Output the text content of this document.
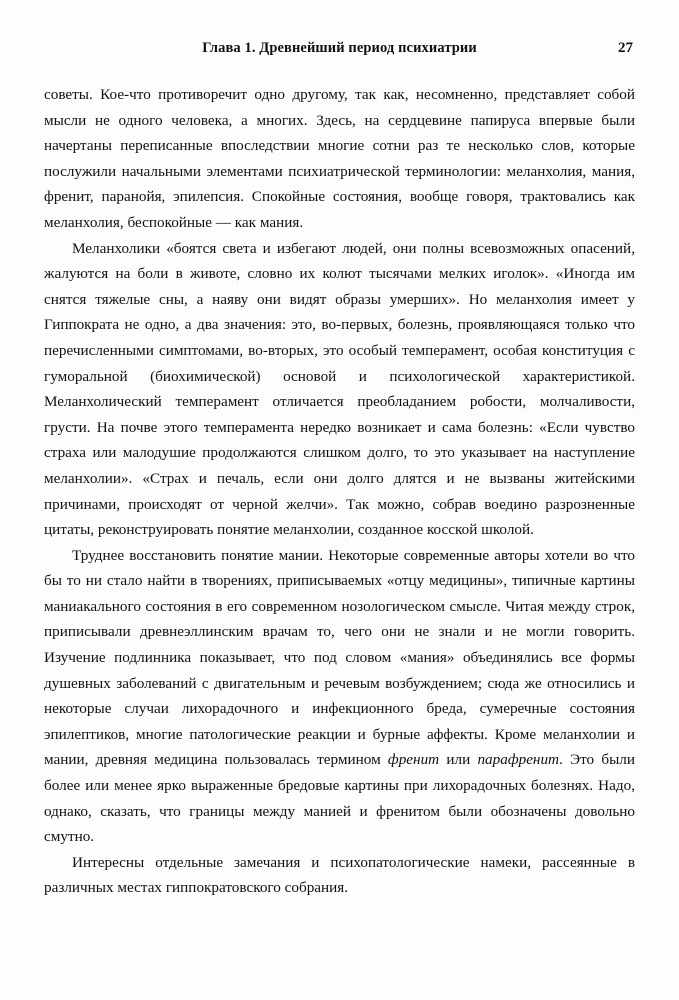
Глава 1. Древнейший период психиатрии	27

советы. Кое-что противоречит одно другому, так как, несомненно, представляет собой мысли не одного человека, а многих. Здесь, на сердцевине папируса впервые были начертаны переписанные впоследствии многие сотни раз те несколько слов, которые послужили начальными элементами психиатрической терминологии: меланхолия, мания, френит, паранойя, эпилепсия. Спокойные состояния, вообще говоря, трактовались как меланхолия, беспокойные — как мания.

Меланхолики «боятся света и избегают людей, они полны всевозможных опасений, жалуются на боли в животе, словно их колют тысячами мелких иголок». «Иногда им снятся тяжелые сны, а наяву они видят образы умерших». Но меланхолия имеет у Гиппократа не одно, а два значения: это, во-первых, болезнь, проявляющаяся только что перечисленными симптомами, во-вторых, это особый темперамент, особая конституция с гуморальной (биохимической) основой и психологической характеристикой. Меланхолический темперамент отличается преобладанием робости, молчаливости, грусти. На почве этого темперамента нередко возникает и сама болезнь: «Если чувство страха или малодушие продолжаются слишком долго, то это указывает на наступление меланхолии». «Страх и печаль, если они долго длятся и не вызваны житейскими причинами, происходят от черной желчи». Так можно, собрав воедино разрозненные цитаты, реконструировать понятие меланхолии, созданное косской школой.

Труднее восстановить понятие мании. Некоторые современные авторы хотели во что бы то ни стало найти в творениях, приписываемых «отцу медицины», типичные картины маниакального состояния в его современном нозологическом смысле. Читая между строк, приписывали древнеэллинским врачам то, чего они не знали и не могли говорить. Изучение подлинника показывает, что под словом «мания» объединялись все формы душевных заболеваний с двигательным и речевым возбуждением; сюда же относились и некоторые случаи лихорадочного и инфекционного бреда, сумеречные состояния эпилептиков, многие патологические реакции и бурные аффекты. Кроме меланхолии и мании, древняя медицина пользовалась термином френит или парафренит. Это были более или менее ярко выраженные бредовые картины при лихорадочных болезнях. Надо, однако, сказать, что границы между манией и френитом были обозначены довольно смутно.

Интересны отдельные замечания и психопатологические намеки, рассеянные в различных местах гиппократовского собрания.
